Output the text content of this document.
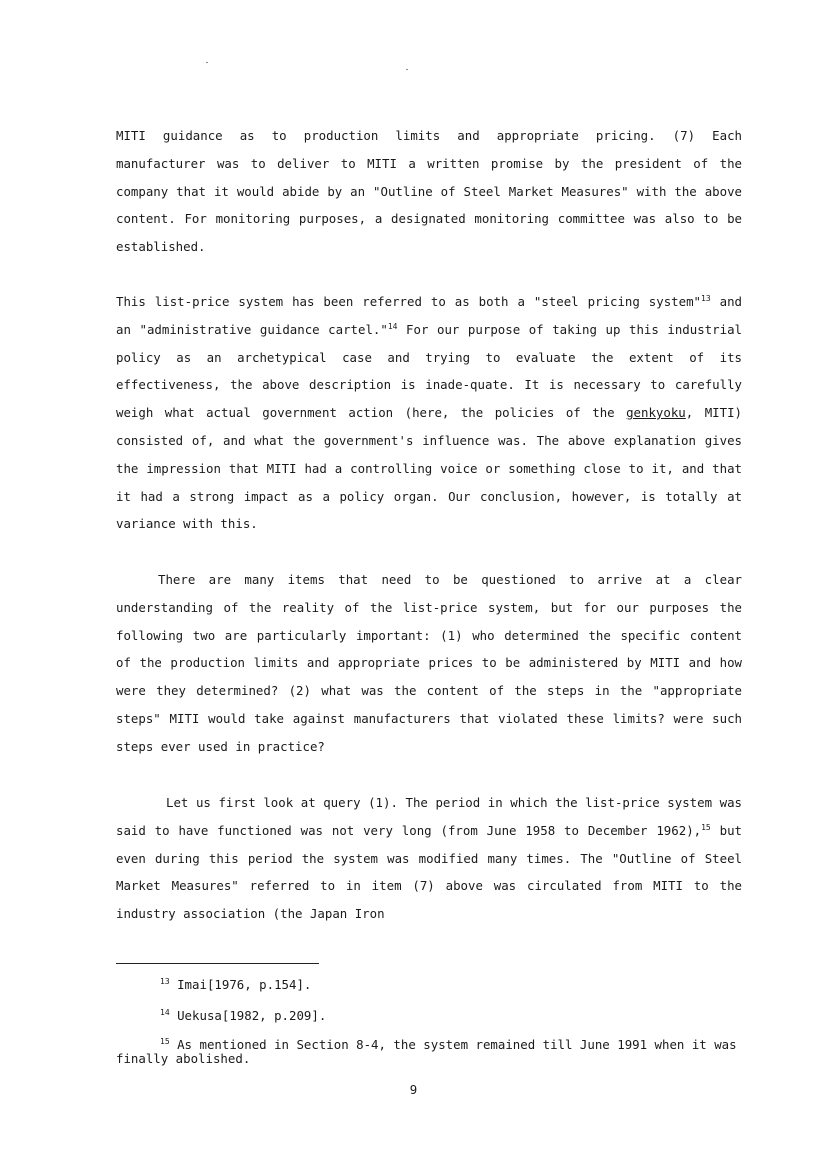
MITI guidance as to production limits and appropriate pricing. (7) Each manufacturer was to deliver to MITI a written promise by the president of the company that it would abide by an "Outline of Steel Market Measures" with the above content. For monitoring purposes, a designated monitoring committee was also to be established.

This list-price system has been referred to as both a "steel pricing system"$^{13}$ and an "administrative guidance cartel."$^{14}$ For our purpose of taking up this industrial policy as an archetypical case and trying to evaluate the extent of its effectiveness, the above description is inade-quate. It is necessary to carefully weigh what actual government action (here, the policies of the genkyoku, MITI) consisted of, and what the government's influence was. The above explanation gives the impression that MITI had a controlling voice or something close to it, and that it had a strong impact as a policy organ. Our conclusion, however, is totally at variance with this.

There are many items that need to be questioned to arrive at a clear understanding of the reality of the list-price system, but for our purposes the following two are particularly important: (1) who determined the specific content of the production limits and appropriate prices to be administered by MITI and how were they determined? (2) what was the content of the steps in the "appropriate steps" MITI would take against manufacturers that violated these limits? were such steps ever used in practice?

Let us first look at query (1). The period in which the list-price system was said to have functioned was not very long (from June 1958 to December 1962),$^{15}$ but even during this period the system was modified many times. The "Outline of Steel Market Measures" referred to in item (7) above was circulated from MITI to the industry association (the Japan Iron

$^{13}$ Imai[1976, p.154].
$^{14}$ Uekusa[1982, p.209].
$^{15}$ As mentioned in Section 8-4, the system remained till June 1991 when it was finally abolished.
9
